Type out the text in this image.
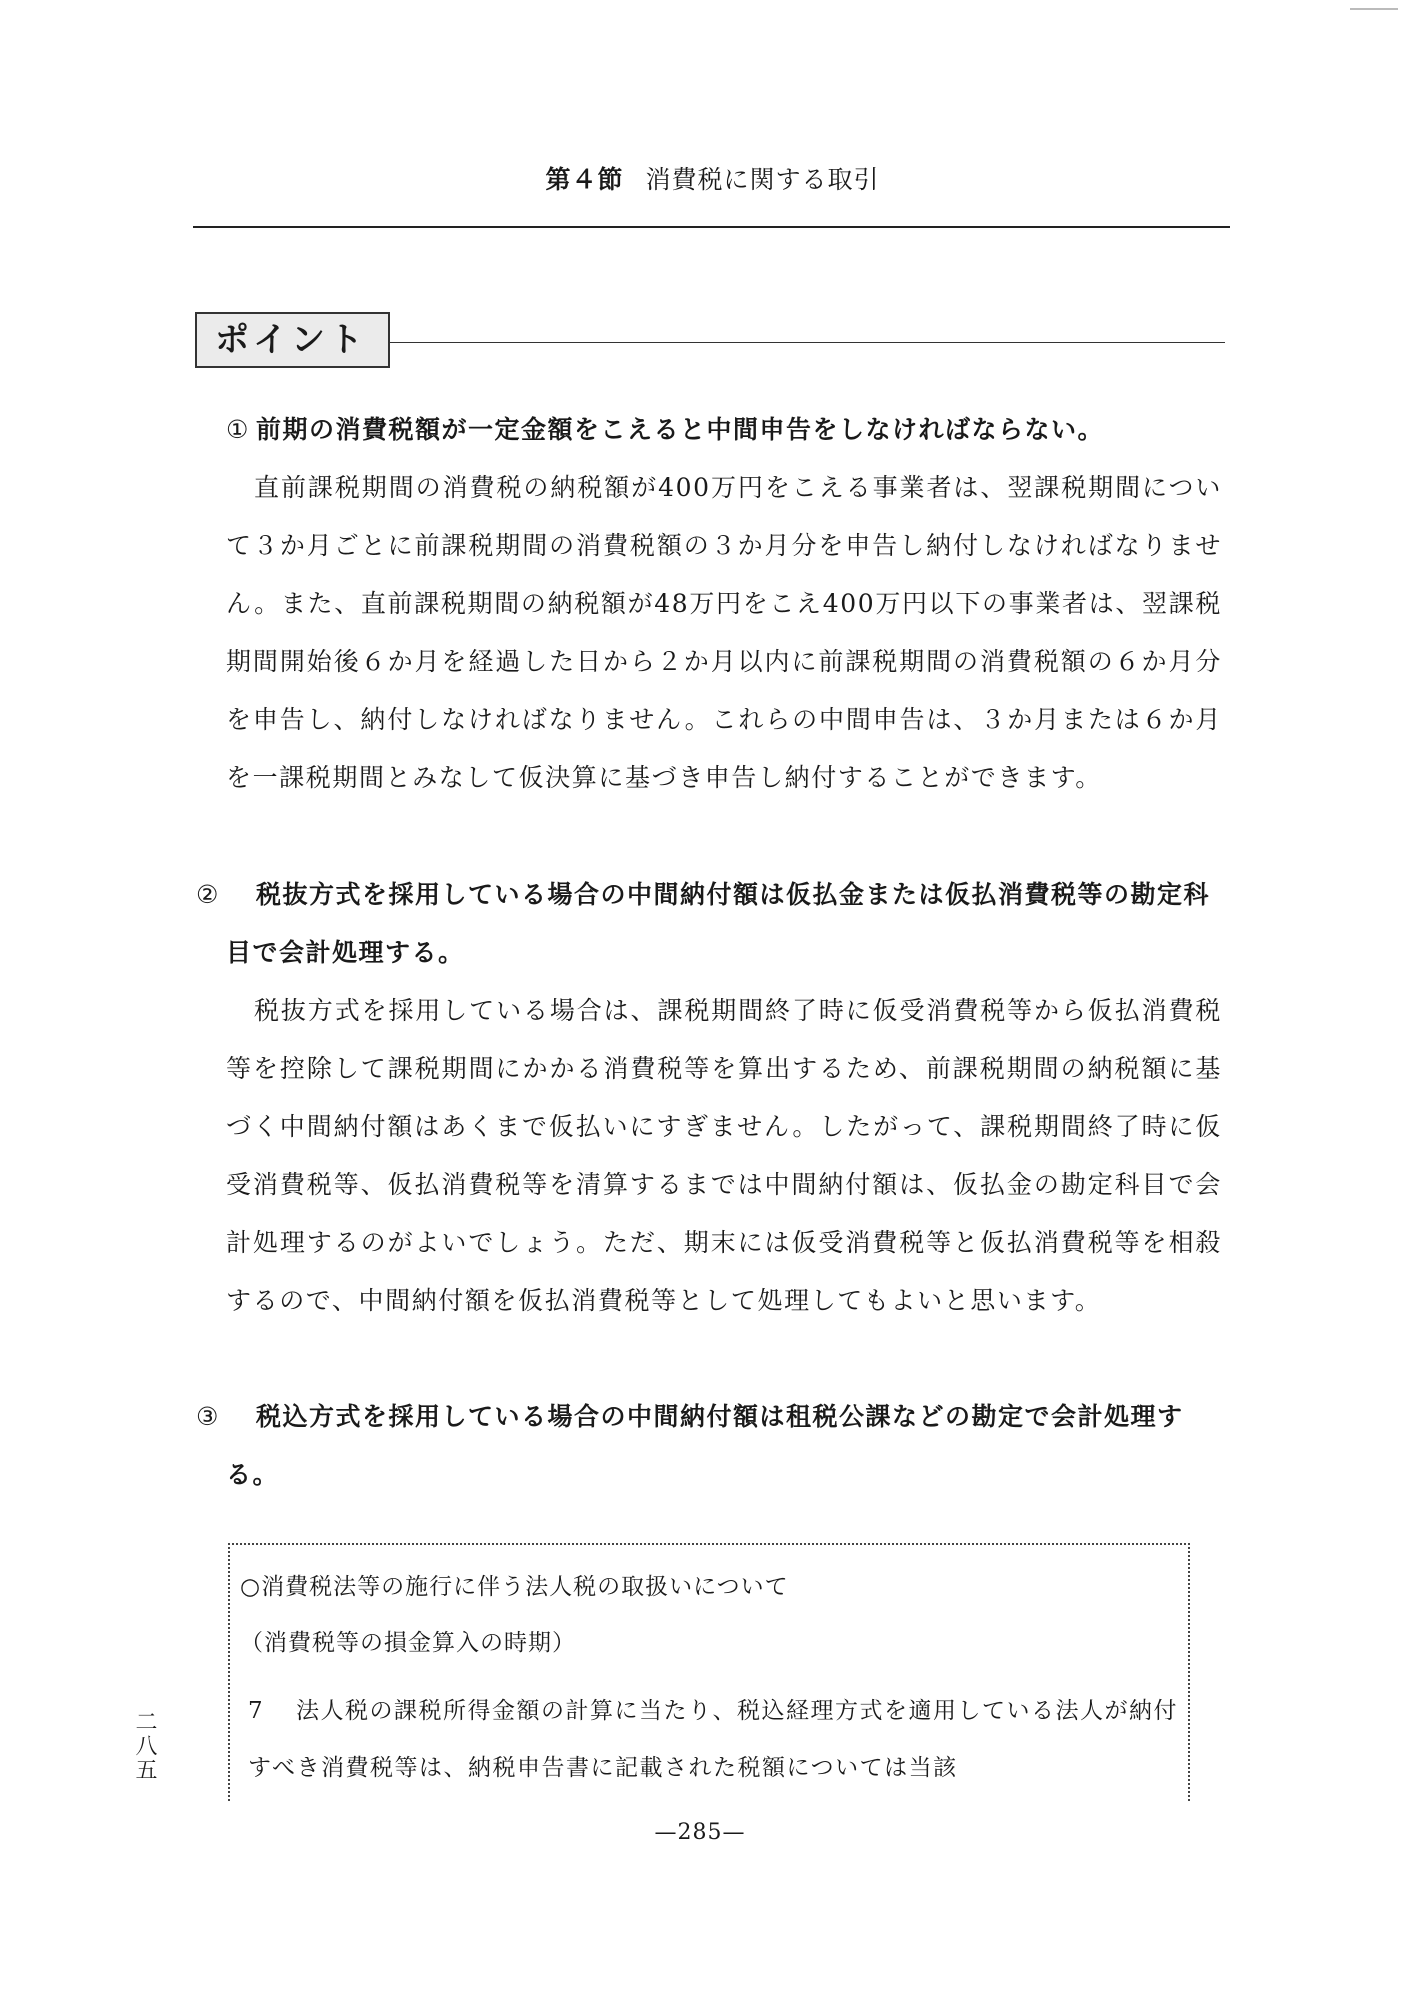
第４節 消費税に関する取引
ポイント
① 前期の消費税額が一定金額をこえると中間申告をしなければならない。

直前課税期間の消費税の納税額が400万円をこえる事業者は、翌課税期間について３か月ごとに前課税期間の消費税額の３か月分を申告し納付しなければなりません。また、直前課税期間の納税額が48万円をこえ400万円以下の事業者は、翌課税期間開始後６か月を経過した日から２か月以内に前課税期間の消費税額の６か月分を申告し、納付しなければなりません。これらの中間申告は、３か月または６か月を一課税期間とみなして仮決算に基づき申告し納付することができます。

② 税抜方式を採用している場合の中間納付額は仮払金または仮払消費税等の勘定科目で会計処理する。

税抜方式を採用している場合は、課税期間終了時に仮受消費税等から仮払消費税等を控除して課税期間にかかる消費税等を算出するため、前課税期間の納税額に基づく中間納付額はあくまで仮払いにすぎません。したがって、課税期間終了時に仮受消費税等、仮払消費税等を清算するまでは中間納付額は、仮払金の勘定科目で会計処理するのがよいでしょう。ただ、期末には仮受消費税等と仮払消費税等を相殺するので、中間納付額を仮払消費税等として処理してもよいと思います。

③ 税込方式を採用している場合の中間納付額は租税公課などの勘定で会計処理する。
○消費税法等の施行に伴う法人税の取扱いについて
（消費税等の損金算入の時期）
7 法人税の課税所得金額の計算に当たり、税込経理方式を適用している法人が納付すべき消費税等は、納税申告書に記載された税額については当該
—285—
二八五
